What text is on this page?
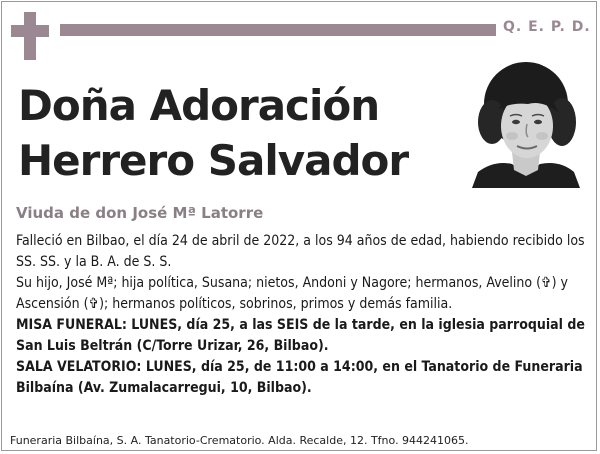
Q. E. P. D.
Doña Adoración
Herrero Salvador
Viuda de don José Mª Latorre

Falleció en Bilbao, el día 24 de abril de 2022, a los 94 años de edad, habiendo recibido los SS. SS. y la B. A. de S. S.

Su hijo, José Mª; hija política, Susana; nietos, Andoni y Nagore; hermanos, Avelino (✞) y Ascensión (✞); hermanos políticos, sobrinos, primos y demás familia.

MISA FUNERAL: LUNES, día 25, a las SEIS de la tarde, en la iglesia parroquial de San Luis Beltrán (C/Torre Urizar, 26, Bilbao).

SALA VELATORIO: LUNES, día 25, de 11:00 a 14:00, en el Tanatorio de Funeraria Bilbaína (Av. Zumalacarregui, 10, Bilbao).

Funeraria Bilbaína, S. A. Tanatorio-Crematorio. Alda. Recalde, 12. Tfno. 944241065.
